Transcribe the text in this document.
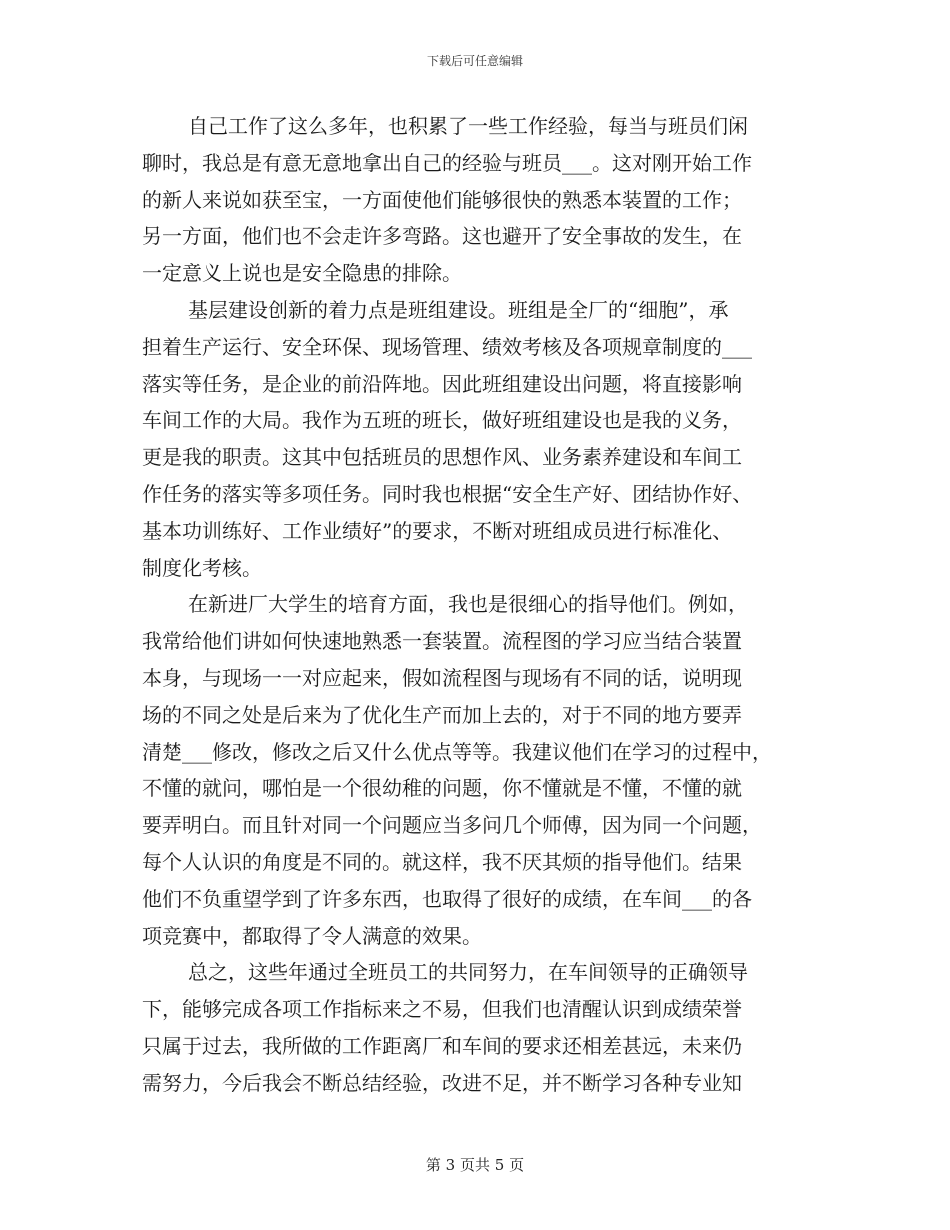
下载后可任意编辑
自己工作了这么多年，也积累了一些工作经验，每当与班员们闲
聊时，我总是有意无意地拿出自己的经验与班员___。这对刚开始工作
的新人来说如获至宝，一方面使他们能够很快的熟悉本装置的工作；
另一方面，他们也不会走许多弯路。这也避开了安全事故的发生，在
一定意义上说也是安全隐患的排除。
基层建设创新的着力点是班组建设。班组是全厂的“细胞”，承
担着生产运行、安全环保、现场管理、绩效考核及各项规章制度的___
落实等任务，是企业的前沿阵地。因此班组建设出问题，将直接影响
车间工作的大局。我作为五班的班长，做好班组建设也是我的义务，
更是我的职责。这其中包括班员的思想作风、业务素养建设和车间工
作任务的落实等多项任务。同时我也根据“安全生产好、团结协作好、
基本功训练好、工作业绩好”的要求，不断对班组成员进行标准化、
制度化考核。
在新进厂大学生的培育方面，我也是很细心的指导他们。例如，
我常给他们讲如何快速地熟悉一套装置。流程图的学习应当结合装置
本身，与现场一一对应起来，假如流程图与现场有不同的话，说明现
场的不同之处是后来为了优化生产而加上去的，对于不同的地方要弄
清楚___修改，修改之后又什么优点等等。我建议他们在学习的过程中，
不懂的就问，哪怕是一个很幼稚的问题，你不懂就是不懂，不懂的就
要弄明白。而且针对同一个问题应当多问几个师傅，因为同一个问题，
每个人认识的角度是不同的。就这样，我不厌其烦的指导他们。结果
他们不负重望学到了许多东西，也取得了很好的成绩，在车间___的各
项竞赛中，都取得了令人满意的效果。
总之，这些年通过全班员工的共同努力，在车间领导的正确领导
下，能够完成各项工作指标来之不易，但我们也清醒认识到成绩荣誉
只属于过去，我所做的工作距离厂和车间的要求还相差甚远，未来仍
需努力，今后我会不断总结经验，改进不足，并不断学习各种专业知
第 3 页共 5 页
